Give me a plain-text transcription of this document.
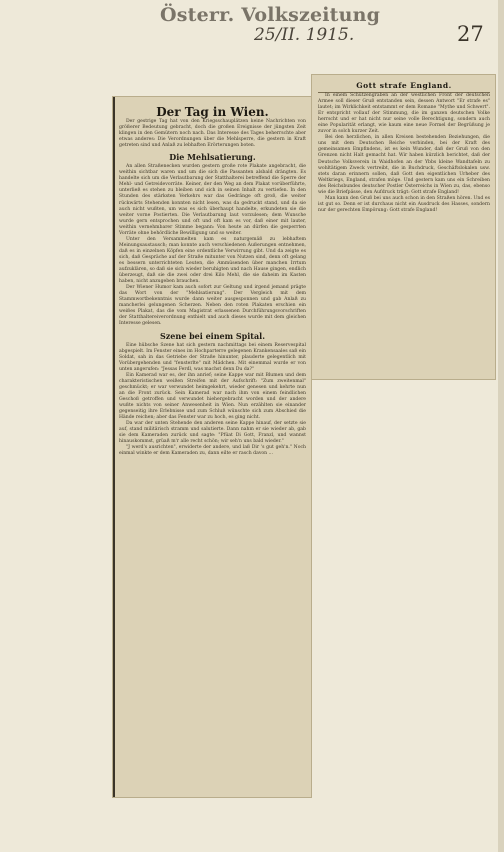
Österr. Volkszeitung
25/II. 1915.	27
Der Tag in Wien.

Der gestrige Tag hat von den Kriegsschauplätzen keine Nachrichten von größerer Bedeutung gebracht, doch die großen Ereignisse der jüngsten Zeit klingen in den Gemütern noch nach. Das Interesse des Tages beherrschte aber etwas anderes: Die Verordnungen über die Mehlsperre, die gestern in Kraft getreten sind und Anlaß zu lebhaften Erörterungen boten.

Die Mehlsatierung.

An allen Straßenecken wurden gestern große rote Plakate angebracht, die weithin sichtbar waren und um die sich die Passanten alsbald drängten. Es handelte sich um die Verlautbarung der Statthalterei betreffend die Sperre der Mehl- und Getreidevorräte. Keiner, der den Weg an dem Plakat vorüberführte, unterließ es stehen zu bleiben und sich in seinen Inhalt zu vertiefen. In den Stunden des stärksten Verkehrs war das Gedränge oft groß, die weiter rückwärts Stehenden konnten nicht lesen, was da gedruckt stand, und da sie auch nicht wußten, um was es sich überhaupt handelte, erkundeten sie die weiter vorne Postierten. Die Verlautbarung laut vorzulesen; dem Wunsche wurde gern entsprochen und oft und oft kam es vor, daß einer mit lauter, weithin vernehmbarer Stimme begann: Von heute an dürfen die gesperrten Vorräte ohne behördliche Bewilligung und so weiter.

Unter den Versammelten kam es naturgemäß zu lebhaftem Meinungsaustausch; man konnte auch verschiedenen Äußerungen entnehmen, daß es in einzelnen Köpfen eine ordentliche Verwirrung gibt. Und da zeigte es sich, daß Gespräche auf der Straße mitunter von Nutzen sind, denn oft gelang es bessern unterrichteten Leuten, die Ammüsenden über manchen Irrtum aufzuklären, so daß sie sich wieder beruhigten und nach Hause gingen, endlich überzeugt, daß sie die zwei oder drei Kilo Mehl, die sie daheim im Kasten haben, nicht anzugeben brauchen.

Der Wiener Humor kam auch sofort zur Geltung und irgend jemand prägte das Wort von der "Mehlsatierung". Der Vergleich mit dem Stammwortbekenntnis wurde dann weiter ausgesponnen und gab Anlaß zu mancherlei gelungenen Scherzen. Neben den roten Plakaten erschien ein weißes Plakat, das die vom Magistrat erlassenen Durchführungsvorschriften der Statthaltereiverordnung enthielt und auch dieses wurde mit dem gleichen Interesse gelesen.

Szene bei einem Spital.

Eine hübsche Szene hat sich gestern nachmittags bei einem Reservespital abgespielt. Im Fenster eines im Hochparterre gelegenen Krankensaales saß ein Soldat, sah in das Getriebe der Straße hinunter, plauderte gelegentlich mit Vorübergehenden und "fensterlte" mit Mädchen. Mit einemmal wurde er von unten angerufen: "Jessas Ferdl, was machst denn Du da?"

Ein Kamerad war es, der ihn anrief; seine Kappe war mit Blumen und dem charakteristischen weißen Streifen mit der Aufschrift: "Zum zweitenmal" geschmückt; er war verwundet heimgekehrt, wieder genesen und kehrte nun an die Front zurück. Sein Kamerad war nach ihm von einem feindlichen Geschoß getroffen und verwundet hiehergebracht worden und der andere wußte nichts von seiner Anwesenheit in Wien. Nun erzählten sie einander gegenseitig ihre Erlebnisse und zum Schluß wünschte sich zum Abschied die Hände reichen; aber das Fenster war zu hoch, es ging nicht.

Da war der unten Stehende den anderen seine Kappe hinauf, der setzte sie auf, stand militärisch stramm und salutierte. Dann nahm er sie wieder ab, gab sie dem Kameraden zurück und sagte: "Pfüat Di Gott, Franzl, und wannst hinauskommst, grüaß m'r alle recht schön; wir seh'n uns bald wieder."

"J werd's ausrichten", erwiderte der andere, und laß Dir 's gut geh'n." Noch einmal winkte er dem Kameraden zu, dann eilte er rasch davon ...

Gott strafe England.

In einem Schützengraben an der westlichen Front der deutschen Armee soll dieser Gruß entstanden sein, dessen Antwort "Er strafe es" lautet; im Wirklichkeit entstammt er dem Romane "Mythe und Schwert". Er entspricht vollauf der Stimmung, die im ganzen deutschen Volke herrscht und er hat nicht nur seine volle Berechtigung, sondern auch eine Popularität erlangt, wie kaum eine neue Formel der Begrüßung je zuvor in solch kurzer Zeit.

Bei den herzlichen, in allen Kreisen bestehenden Beziehungen, die uns mit dem Deutschen Reiche verbinden, bei der Kraft des gemeinsamen Empfindens, ist es kein Wunder, daß der Gruß von den Grenzen nicht Halt gemacht hat. Wir haben kürzlich berichtet, daß der Deutsche Volksverein in Waidhofen an der Ybbs kleine Wandtafeln zu wohltätigem Zweck vertreibt, die in Buchdruck, Geschäftslokalen usw. stets daran erinnern sollen, daß Gott den eigentlichen Urheber des Weltkriegs, England, strafen möge. Und gestern kam uns ein Schreiben des Reichsbundes deutscher Postler Österreichs in Wien zu, das, ebenso wie die Briefpässe, den Aufdruck trägt: Gott strafe England!

Man kann den Gruß bei uns auch schon in den Straßen hören. Und es ist gut so. Denn er ist durchaus nicht ein Ausdruck des Hasses, sondern nur der gerechten Empörung: Gott strafe England!
